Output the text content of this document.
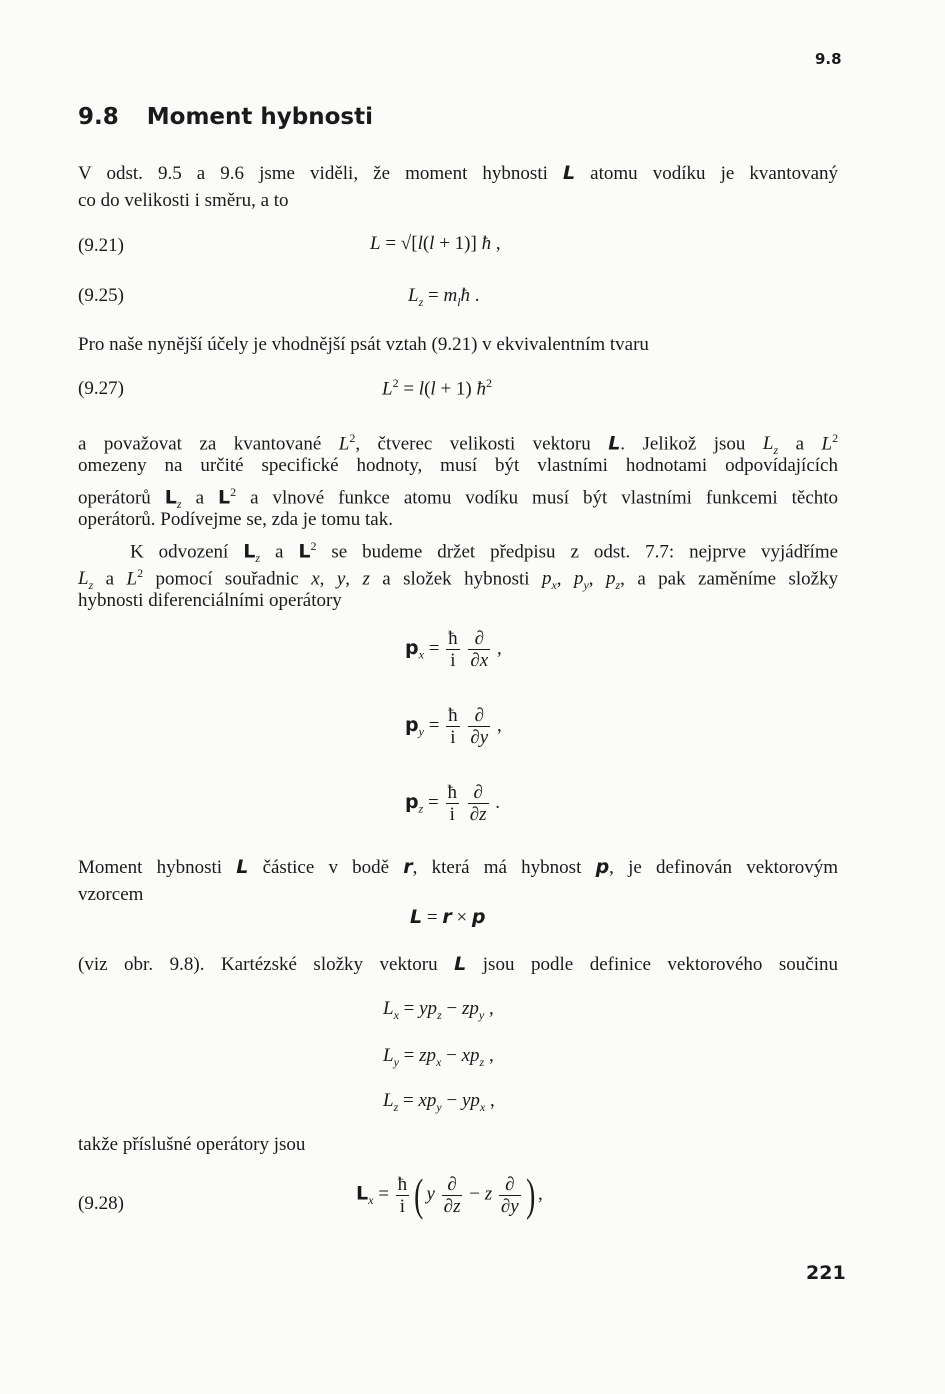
9.8
9.8 Moment hybnosti
V odst. 9.5 a 9.6 jsme viděli, že moment hybnosti L atomu vodíku je kvantovaný
co do velikosti i směru, a to
(9.21)	L = √[l(l + 1)] ħ ,
(9.25)	$L_z$ = $m_lħ$ .
Pro naše nynější účely je vhodnější psát vztah (9.21) v ekvivalentním tvaru
(9.27)	$L^2 = l(l + 1)$ $ħ^2$
a považovat za kvantované $L^2$, čtverec velikosti vektoru L. Jelikož jsou $L_z$ a $L^2$
omezeny na určité specifické hodnoty, musí být vlastními hodnotami odpovídajících
operátorů $L_z$ a $L^2$ a vlnové funkce atomu vodíku musí být vlastními funkcemi těchto
operátorů. Podívejme se, zda je tomu tak.
K odvození $L_z$ a $L^2$ se budeme držet předpisu z odst. 7.7: nejprve vyjádříme
$L_z$ a $L^2$ pomocí souřadnic x, y, z a složek hybnosti $p_x$, $p_y$, $p_z$, a pak zaměníme složky
hybnosti diferenciálními operátory
$p_x = \frac{ħ}{i}$
$\frac{\partial}{\partial x}$ ,
$p_y = \frac{ħ}{i}$
$\frac{\partial}{\partial y}$ ,
$p_z = \frac{ħ}{i}$
$\frac{\partial}{\partial z}$ .
Moment hybnosti L částice v bodě r, která má hybnost p, je definován vektorovým
vzorcem
L = r × p
(viz obr. 9.8). Kartézské složky vektoru L jsou podle definice vektorového součinu
$L_x = yp_z - zp_y$ ,
$L_y = zp_x - xp_z$ ,
$L_z = xp_y - yp_x$ ,
takže příslušné operátory jsou
(9.28)	$L_x = \frac{ħ}{i}$ ( y $\frac{\partial}{\partial z} - z \frac{\partial}{\partial y}$ ) ,
221
